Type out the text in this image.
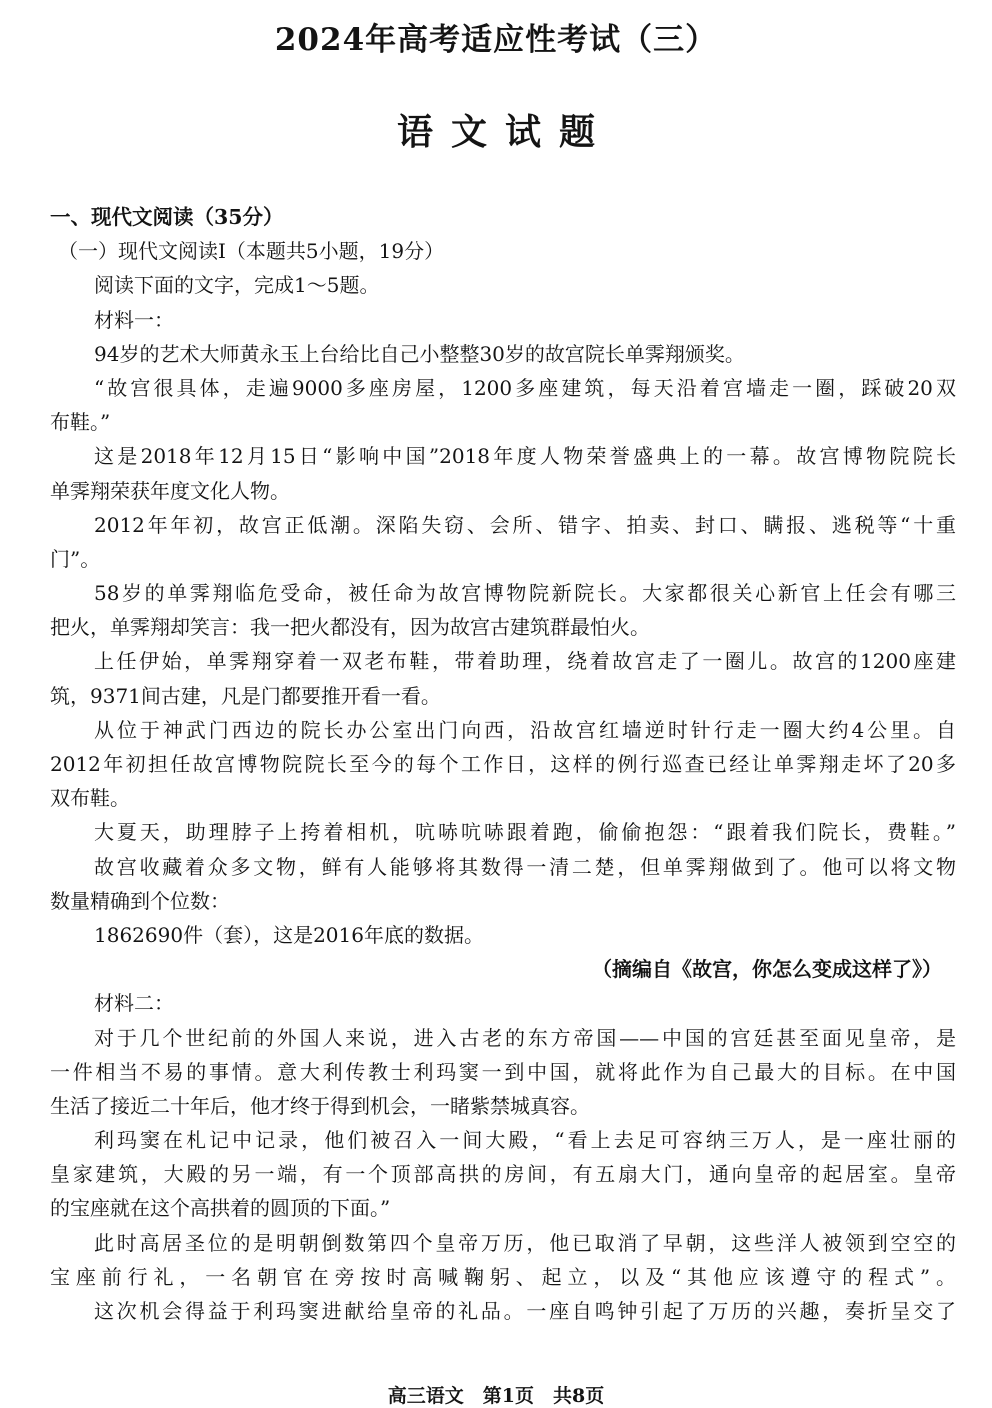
2024年高考适应性考试（三）
语文试题
一、现代文阅读（35分）
（一）现代文阅读Ⅰ（本题共5小题，19分）
阅读下面的文字，完成1～5题。
材料一：
94岁的艺术大师黄永玉上台给比自己小整整30岁的故宫院长单霁翔颁奖。
“故宫很具体，走遍9000多座房屋，1200多座建筑，每天沿着宫墙走一圈，踩破20双
布鞋。”
这是2018年12月15日“影响中国”2018年度人物荣誉盛典上的一幕。故宫博物院院长
单霁翔荣获年度文化人物。
2012年年初，故宫正低潮。深陷失窃、会所、错字、拍卖、封口、瞒报、逃税等“十重
门”。
58岁的单霁翔临危受命，被任命为故宫博物院新院长。大家都很关心新官上任会有哪三
把火，单霁翔却笑言：我一把火都没有，因为故宫古建筑群最怕火。
上任伊始，单霁翔穿着一双老布鞋，带着助理，绕着故宫走了一圈儿。故宫的1200座建
筑，9371间古建，凡是门都要推开看一看。
从位于神武门西边的院长办公室出门向西，沿故宫红墙逆时针行走一圈大约4公里。自
2012年初担任故宫博物院院长至今的每个工作日，这样的例行巡查已经让单霁翔走坏了20多
双布鞋。
大夏天，助理脖子上挎着相机，吭哧吭哧跟着跑，偷偷抱怨：“跟着我们院长，费鞋。”
故宫收藏着众多文物，鲜有人能够将其数得一清二楚，但单霁翔做到了。他可以将文物
数量精确到个位数：
1862690件（套），这是2016年底的数据。
（摘编自《故宫，你怎么变成这样了》）
材料二：
对于几个世纪前的外国人来说，进入古老的东方帝国——中国的宫廷甚至面见皇帝，是
一件相当不易的事情。意大利传教士利玛窦一到中国，就将此作为自己最大的目标。在中国
生活了接近二十年后，他才终于得到机会，一睹紫禁城真容。
利玛窦在札记中记录，他们被召入一间大殿，“看上去足可容纳三万人，是一座壮丽的
皇家建筑，大殿的另一端，有一个顶部高拱的房间，有五扇大门，通向皇帝的起居室。皇帝
的宝座就在这个高拱着的圆顶的下面。”
此时高居圣位的是明朝倒数第四个皇帝万历，他已取消了早朝，这些洋人被领到空空的
宝座前行礼，一名朝官在旁按时高喊鞠躬、起立，以及“其他应该遵守的程式”。
这次机会得益于利玛窦进献给皇帝的礼品。一座自鸣钟引起了万历的兴趣，奏折呈交了
高三语文　第1页　共8页
